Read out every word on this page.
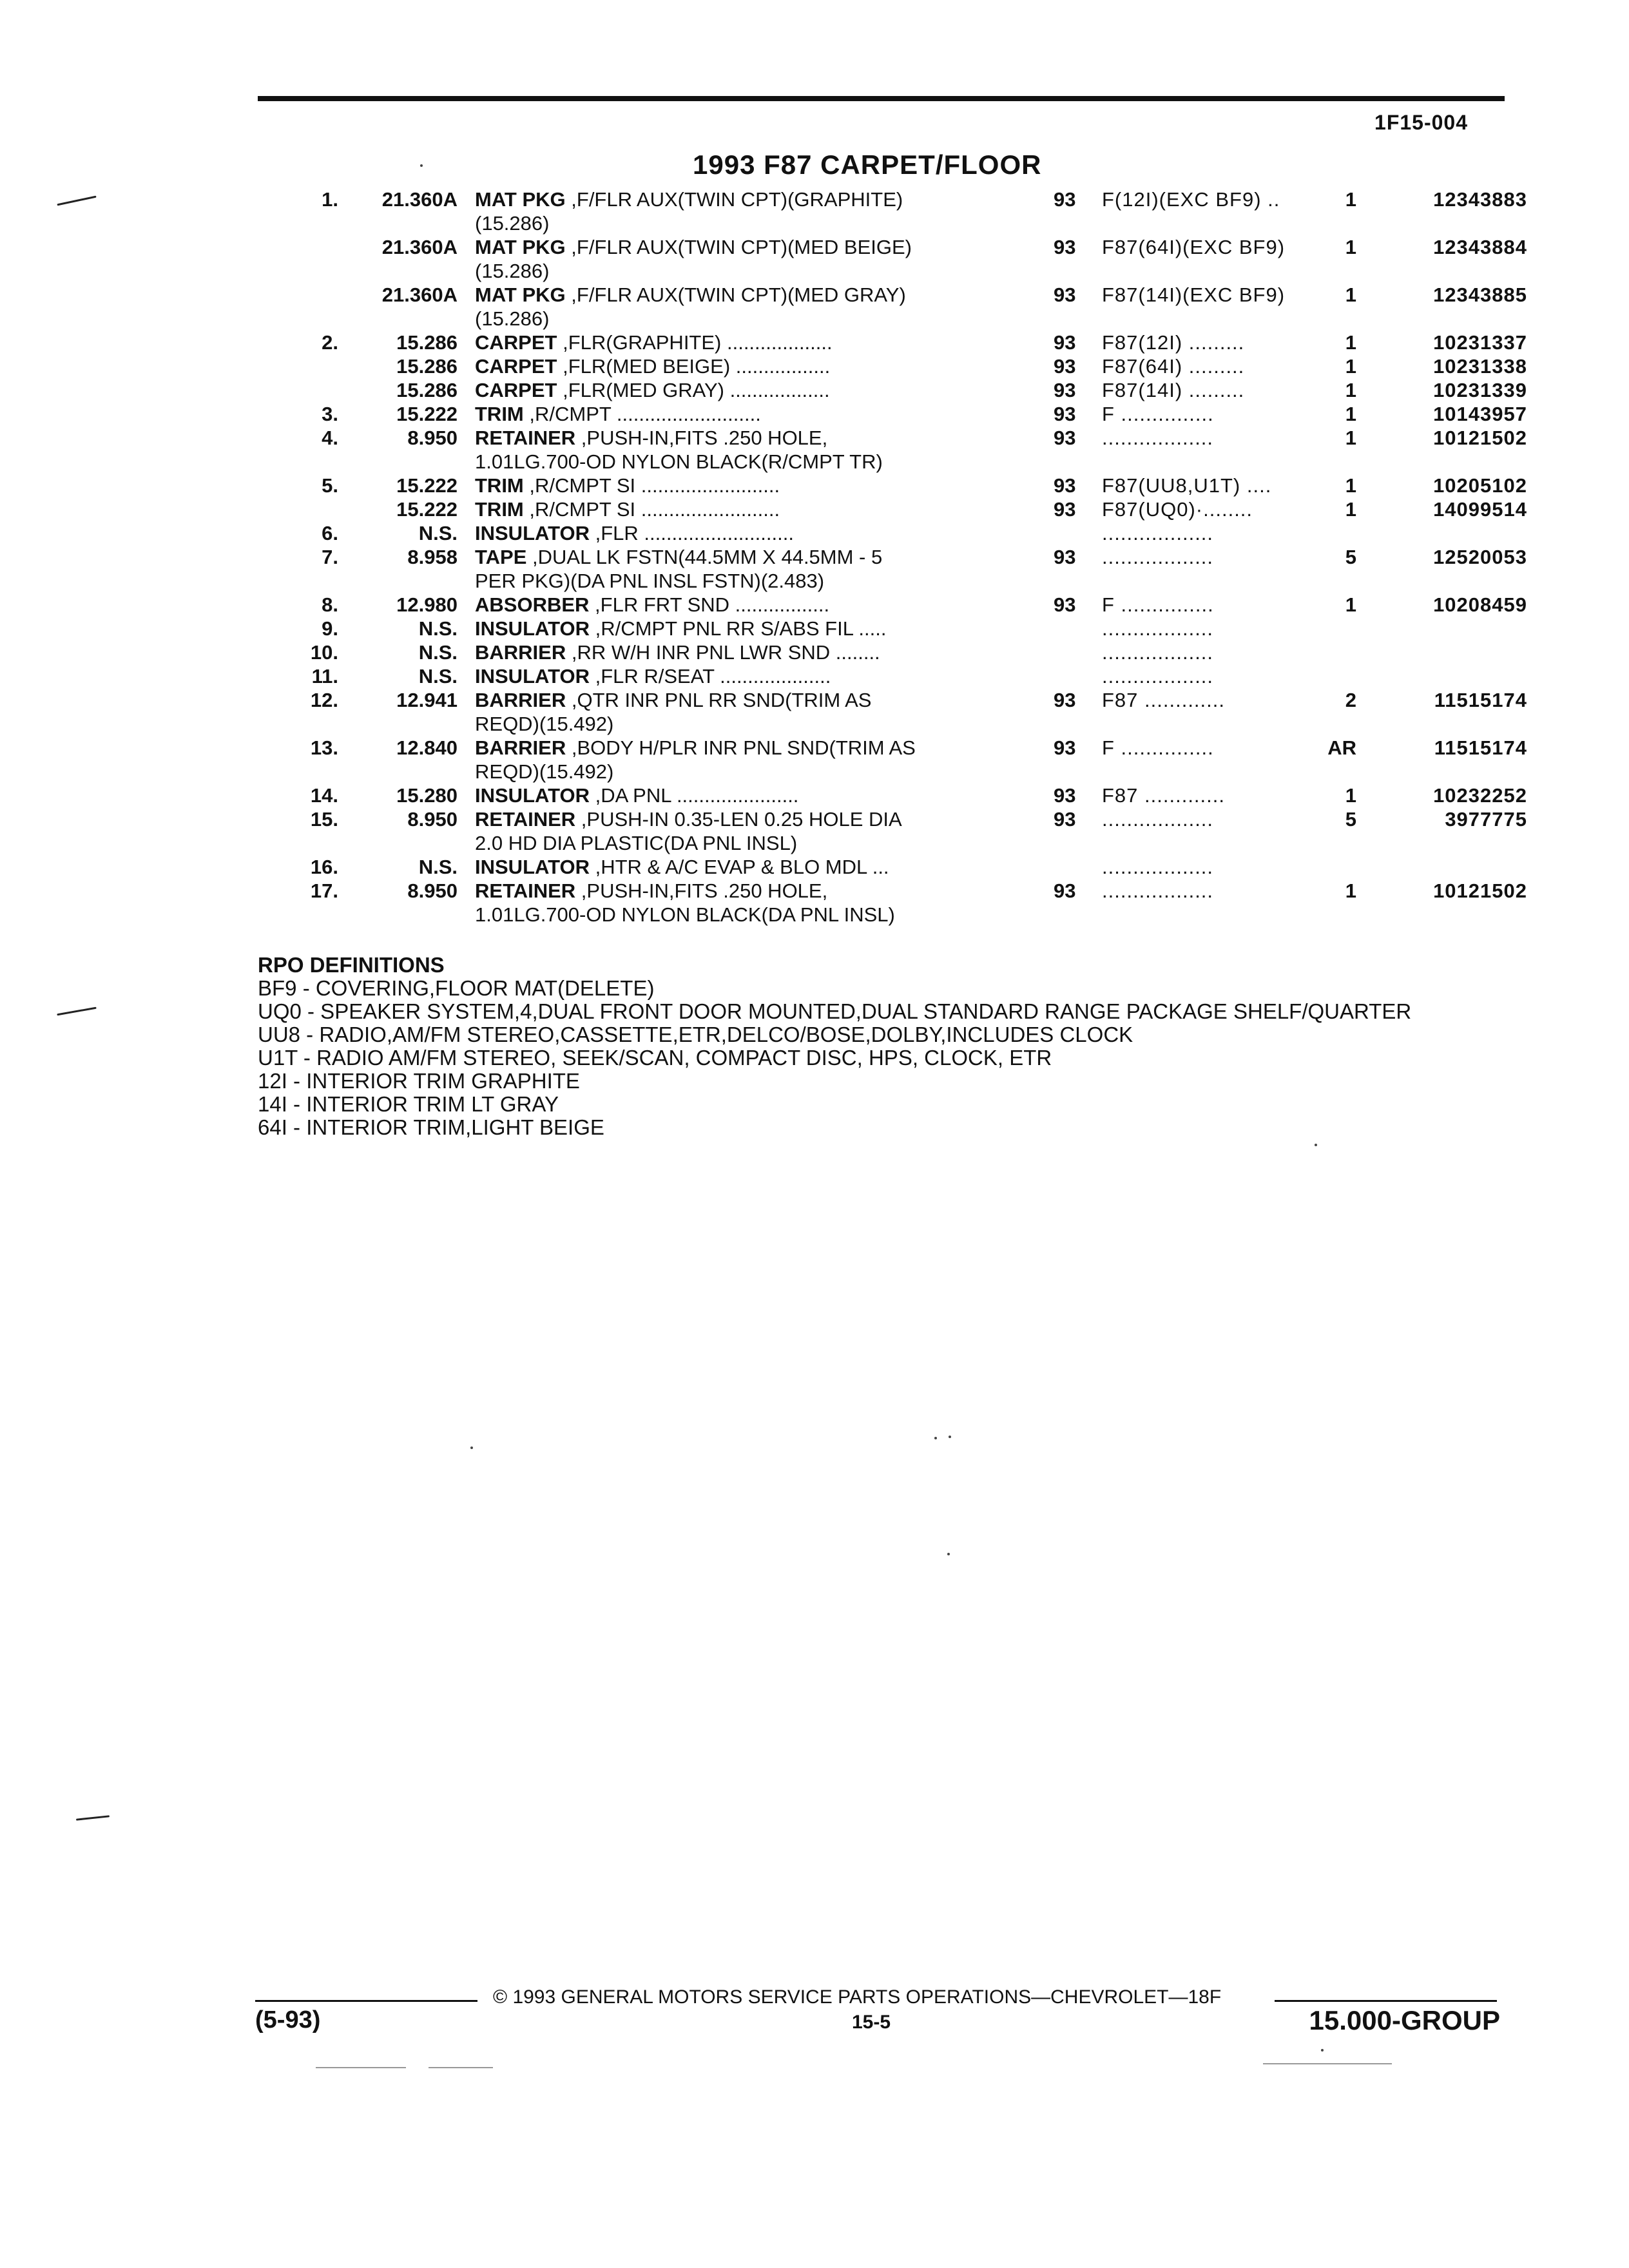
1F15-004
1993 F87 CARPET/FLOOR
1.	21.360A MAT PKG ,F/FLR AUX(TWIN CPT)(GRAPHITE)
(15.286)
93	F(12I)(EXC BF9) ..	1	12343883
21.360A MAT PKG ,F/FLR AUX(TWIN CPT)(MED BEIGE)
(15.286)
93	F87(64I)(EXC BF9)	1	12343884
21.360A MAT PKG ,F/FLR AUX(TWIN CPT)(MED GRAY)
(15.286)
93	F87(14I)(EXC BF9)	1	12343885
2.	15.286 CARPET ,FLR(GRAPHITE) ...................	93	F87(12I) .........	1	10231337
15.286 CARPET ,FLR(MED BEIGE) .................	93	F87(64I) .........	1	10231338
15.286 CARPET ,FLR(MED GRAY) ..................	93	F87(14I) .........	1	10231339
3.	15.222 TRIM ,R/CMPT ..........................	93	F ...............	1	10143957
4.	8.950 RETAINER ,PUSH-IN,FITS .250 HOLE,
1.01LG.700-OD NYLON BLACK(R/CMPT TR)
93	..................	1	10121502
5.	15.222 TRIM ,R/CMPT SI .........................	93	F87(UU8,U1T) ....	1	10205102
15.222 TRIM ,R/CMPT SI .........................	93	F87(UQ0)·........	1	14099514
6.	N.S. INSULATOR ,FLR ...........................	..................
7.	8.958 TAPE ,DUAL LK FSTN(44.5MM X 44.5MM - 5
PER PKG)(DA PNL INSL FSTN)(2.483)
93	..................	5	12520053
8.	12.980 ABSORBER ,FLR FRT SND .................	93	F ...............	1	10208459
9.	N.S. INSULATOR ,R/CMPT PNL RR S/ABS FIL .....	..................
10.	N.S. BARRIER ,RR W/H INR PNL LWR SND ........	..................
11.	N.S. INSULATOR ,FLR R/SEAT ....................	..................
12.	12.941 BARRIER ,QTR INR PNL RR SND(TRIM AS
REQD)(15.492)
93	F87 .............	2	11515174
13.	12.840 BARRIER ,BODY H/PLR INR PNL SND(TRIM AS
REQD)(15.492)
93	F ...............	AR	11515174
14.	15.280 INSULATOR ,DA PNL ......................	93	F87 .............	1	10232252
15.	8.950 RETAINER ,PUSH-IN 0.35-LEN 0.25 HOLE DIA
2.0 HD DIA PLASTIC(DA PNL INSL)
93	..................	5	3977775
16.	N.S. INSULATOR ,HTR & A/C EVAP & BLO MDL ...	..................
17.	8.950 RETAINER ,PUSH-IN,FITS .250 HOLE,
1.01LG.700-OD NYLON BLACK(DA PNL INSL)
93	..................	1	10121502
RPO DEFINITIONS
BF9 - COVERING,FLOOR MAT(DELETE)
UQ0 - SPEAKER SYSTEM,4,DUAL FRONT DOOR MOUNTED,DUAL STANDARD RANGE PACKAGE SHELF/QUARTER
UU8 - RADIO,AM/FM STEREO,CASSETTE,ETR,DELCO/BOSE,DOLBY,INCLUDES CLOCK
U1T - RADIO AM/FM STEREO, SEEK/SCAN, COMPACT DISC, HPS, CLOCK, ETR
12I - INTERIOR TRIM GRAPHITE
14I - INTERIOR TRIM LT GRAY
64I - INTERIOR TRIM,LIGHT BEIGE
© 1993 GENERAL MOTORS SERVICE PARTS OPERATIONS—CHEVROLET—18F
(5-93)	15-5	15.000-GROUP
